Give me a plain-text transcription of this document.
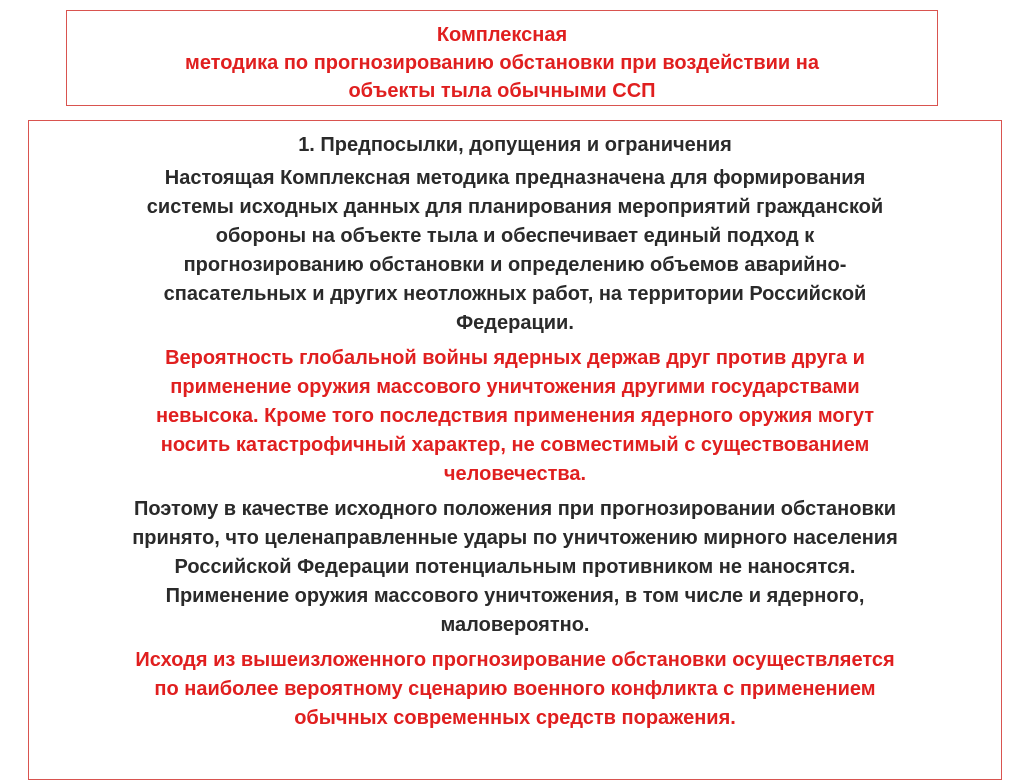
Комплексная

методика по прогнозированию обстановки при воздействии на

объекты тыла обычными ССП

1. Предпосылки, допущения и ограничения

Настоящая Комплексная методика предназначена для формирования

системы исходных данных для планирования мероприятий гражданской

обороны на объекте тыла и обеспечивает единый подход к

прогнозированию обстановки и определению объемов аварийно-

спасательных и других неотложных работ, на территории Российской

Федерации.

Вероятность глобальной войны ядерных держав друг против друга и

применение оружия массового уничтожения другими государствами

невысока. Кроме того последствия применения ядерного оружия могут

носить катастрофичный характер, не совместимый с существованием

человечества.

Поэтому в качестве исходного положения при прогнозировании обстановки

принято, что целенаправленные удары по уничтожению мирного населения

Российской Федерации потенциальным противником не наносятся.

Применение оружия массового уничтожения, в том числе и ядерного,

маловероятно.

Исходя из вышеизложенного прогнозирование обстановки осуществляется

по наиболее вероятному сценарию военного конфликта с применением

обычных современных средств поражения.
